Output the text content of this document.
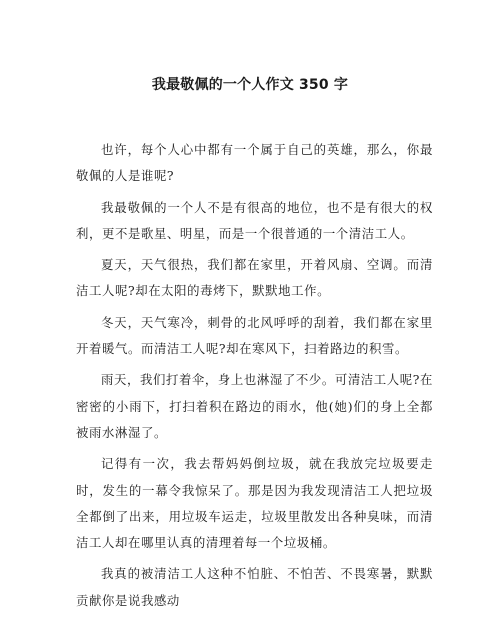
我最敬佩的一个人作文 350 字

也许，每个人心中都有一个属于自己的英雄，那么，你最敬佩的人是谁呢?

我最敬佩的一个人不是有很高的地位，也不是有很大的权利，更不是歌星、明星，而是一个很普通的一个清洁工人。

夏天，天气很热，我们都在家里，开着风扇、空调。而清洁工人呢?却在太阳的毒烤下，默默地工作。

冬天，天气寒冷，刺骨的北风呼呼的刮着，我们都在家里开着暖气。而清洁工人呢?却在寒风下，扫着路边的积雪。

雨天，我们打着伞，身上也淋湿了不少。可清洁工人呢?在密密的小雨下，打扫着积在路边的雨水，他(她)们的身上全都被雨水淋湿了。

记得有一次，我去帮妈妈倒垃圾，就在我放完垃圾要走时，发生的一幕令我惊呆了。那是因为我发现清洁工人把垃圾全都倒了出来，用垃圾车运走，垃圾里散发出各种臭味，而清洁工人却在哪里认真的清理着每一个垃圾桶。

我真的被清洁工人这种不怕脏、不怕苦、不畏寒暑，默默贡献你是说我感动
